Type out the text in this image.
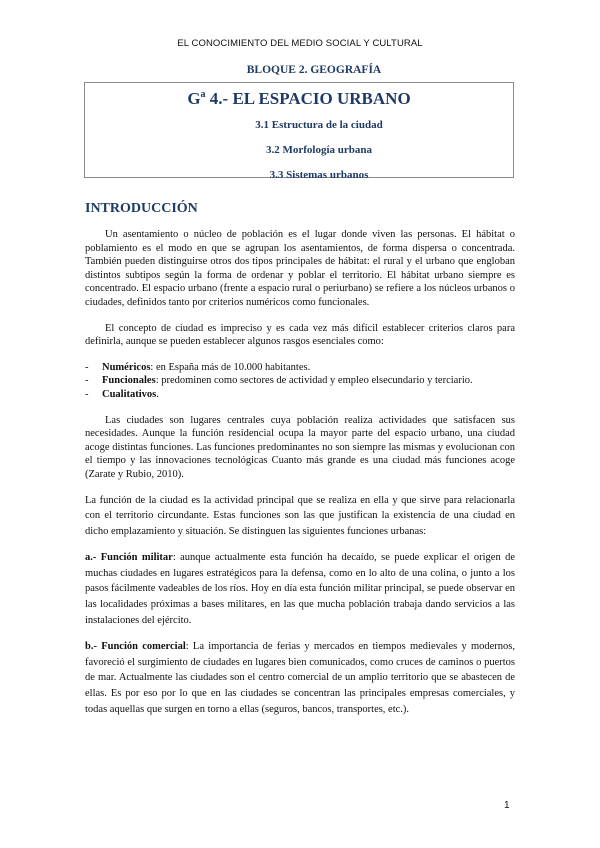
EL CONOCIMIENTO DEL MEDIO SOCIAL Y CULTURAL
BLOQUE 2. GEOGRAFÍA
$G^a$ 4.- EL ESPACIO URBANO
3.1 Estructura de la ciudad
3.2 Morfología urbana
3.3 Sistemas urbanos
INTRODUCCIÓN

Un asentamiento o núcleo de población es el lugar donde viven las personas. El hábitat o poblamiento es el modo en que se agrupan los asentamientos, de forma dispersa o concentrada. También pueden distinguirse otros dos tipos principales de hábitat: el rural y el urbano que engloban distintos subtipos según la forma de ordenar y poblar el territorio. El hábitat urbano siempre es concentrado. El espacio urbano (frente a espacio rural o periurbano) se refiere a los núcleos urbanos o ciudades, definidos tanto por criterios numéricos como funcionales.

El concepto de ciudad es impreciso y es cada vez más difícil establecer criterios claros para definirla, aunque se pueden establecer algunos rasgos esenciales como:

- Numéricos: en España más de 10.000 habitantes.
- Funcionales: predominen como sectores de actividad y empleo elsecundario y terciario.
- Cualitativos.

Las ciudades son lugares centrales cuya población realiza actividades que satisfacen sus necesidades. Aunque la función residencial ocupa la mayor parte del espacio urbano, una ciudad acoge distintas funciones. Las funciones predominantes no son siempre las mismas y evolucionan con el tiempo y las innovaciones tecnológicas Cuanto más grande es una ciudad más funciones acoge (Zarate y Rubio, 2010).

La función de la ciudad es la actividad principal que se realiza en ella y que sirve para relacionarla con el territorio circundante. Estas funciones son las que justifican la existencia de una ciudad en dicho emplazamiento y situación. Se distinguen las siguientes funciones urbanas:

a.- Función militar: aunque actualmente esta función ha decaído, se puede explicar el origen de muchas ciudades en lugares estratégicos para la defensa, como en lo alto de una colina, o junto a los pasos fácilmente vadeables de los ríos. Hoy en día esta función militar principal, se puede observar en las localidades próximas a bases militares, en las que mucha población trabaja dando servicios a las instalaciones del ejército.

b.- Función comercial: La importancia de ferias y mercados en tiempos medievales y modernos, favoreció el surgimiento de ciudades en lugares bien comunicados, como cruces de caminos o puertos de mar. Actualmente las ciudades son el centro comercial de un amplio territorio que se abastecen de ellas. Es por eso por lo que en las ciudades se concentran las principales empresas comerciales, y todas aquellas que surgen en torno a ellas (seguros, bancos, transportes, etc.).

1
